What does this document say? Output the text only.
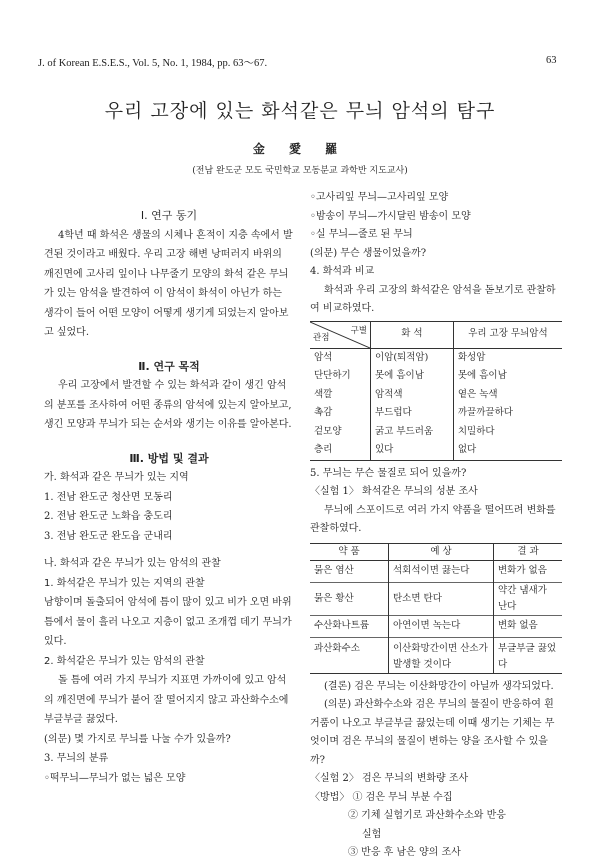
J. of Korean E.S.E.S., Vol. 5, No. 1, 1984, pp. 63～67.	63
우리 고장에 있는 화석같은 무늬 암석의 탐구
金 愛 羅
(전남 완도군 모도 국민학교 모동분교 과학반 지도교사)

Ⅰ. 연구 동기

4학년 때 화석은 생물의 시체나 흔적이 지층 속에서 발견된 것이라고 배웠다. 우리 고장 해변 낭떠러지 바위의 깨진면에 고사리 잎이나 나무줄기 모양의 화석 같은 무늬가 있는 암석을 발견하여 이 암석이 화석이 아닌가 하는 생각이 들어 어떤 모양이 어떻게 생기게 되었는지 알아보고 싶었다.

Ⅱ. 연구 목적

우리 고장에서 발견할 수 있는 화석과 같이 생긴 암석의 분포를 조사하여 어떤 종류의 암석에 있는지 알아보고, 생긴 모양과 무늬가 되는 순서와 생기는 이유를 알아본다.

Ⅲ. 방법 및 결과

가. 화석과 같은 무늬가 있는 지역

1. 전남 완도군 청산면 모동리

2. 전남 완도군 노화읍 충도리

3. 전남 완도군 완도읍 군내리

나. 화석과 같은 무늬가 있는 암석의 관찰

1. 화석같은 무늬가 있는 지역의 관찰

남향이며 돌출되어 암석에 틈이 많이 있고 비가 오면 바위 틈에서 물이 흘러 나오고 지층이 없고 조개껍 데기 무늬가 있다.

2. 화석같은 무늬가 있는 암석의 관찰

돌 틈에 여러 가지 무늬가 지표면 가까이에 있고 암석의 깨진면에 무늬가 붙어 잘 떨어지지 않고 과산화수소에 부글부글 끓었다.

(의문) 몇 가지로 무늬를 나눌 수가 있을까?

3. 무늬의 분류

◦떡무늬—무늬가 없는 넓은 모양

◦고사리잎 무늬—고사리잎 모양

◦밤송이 무늬—가시달린 밤송이 모양

◦실 무늬—줄로 된 무늬

(의문) 무슨 생물이었을까?

4. 화석과 비교

화석과 우리 고장의 화석같은 암석을 돋보기로 관찰하여 비교하였다.

구별
관점	화 석	우리 고장 무늬암석
암석	이암(퇴적암)	화성암
단단하기	못에 흠이남	못에 흠이남
색깔	암적색	옅은 녹색
촉감	부드럽다	까끌까끌하다
겉모양	굵고 부드러움	치밀하다
층리	있다	없다

5. 무늬는 무슨 물질로 되어 있을까?

〈실험 1〉 화석같은 무늬의 성분 조사

무늬에 스포이드로 여러 가지 약품을 떨어뜨려 변화를 관찰하였다.

약 품	예 상	결 과
묽은 염산	석회석이면 끓는다	변화가 없음
묽은 황산	탄소면 탄다	약간 냄새가 난다
수산화나트륨	아연이면 녹는다	변화 없음
과산화수소	이산화망간이면 산소가 발생할 것이다	부글부글 끓었다

(결론) 검은 무늬는 이산화망간이 아닐까 생각되었다.

(의문) 과산화수소와 검은 무늬의 물질이 반응하여 흰 거품이 나오고 부글부글 끓었는데 이때 생기는 기체는 무엇이며 검은 무늬의 물질이 변하는 양을 조사할 수 있을까?

〈실험 2〉 검은 무늬의 변화량 조사

〈방법〉 ① 검은 무늬 부분 수집

② 기체 실험기로 과산화수소와 반응

실험

③ 반응 후 남은 양의 조사
